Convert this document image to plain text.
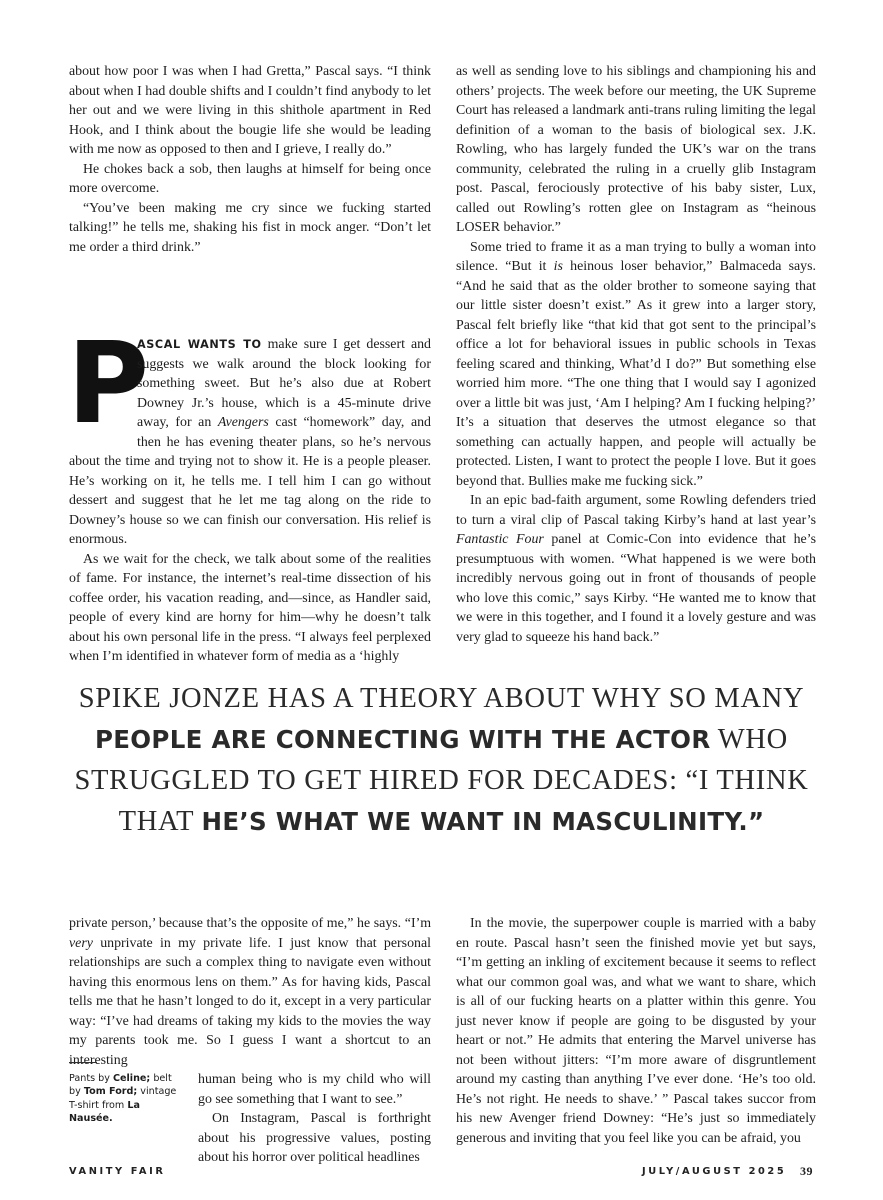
about how poor I was when I had Gretta,” Pascal says. “I think about when I had double shifts and I couldn’t find anybody to let her out and we were living in this shithole apartment in Red Hook, and I think about the bougie life she would be leading with me now as opposed to then and I grieve, I really do.”

He chokes back a sob, then laughs at himself for being once more overcome.

“You’ve been making me cry since we fucking started talking!” he tells me, shaking his fist in mock anger. “Don’t let me order a third drink.”

P
ASCAL WANTS TO make sure I get dessert and suggests we walk around the block looking for something sweet. But he’s also due at Robert Downey Jr.’s house, which is a 45-minute drive away, for an Avengers cast “homework” day, and then he has evening theater plans, so he’s nervous about the time and trying not to show it. He is a people pleaser. He’s working on it, he tells me. I tell him I can go without dessert and suggest that he let me tag along on the ride to Downey’s house so we can finish our conversation. His relief is enormous.

As we wait for the check, we talk about some of the realities of fame. For instance, the internet’s real-time dissection of his coffee order, his vacation reading, and—since, as Handler said, people of every kind are horny for him—why he doesn’t talk about his own personal life in the press. “I always feel perplexed when I’m identified in whatever form of media as a ‘highly

as well as sending love to his siblings and championing his and others’ projects. The week before our meeting, the UK Supreme Court has released a landmark anti-trans ruling limiting the legal definition of a woman to the basis of biological sex. J.K. Rowling, who has largely funded the UK’s war on the trans community, celebrated the ruling in a cruelly glib Instagram post. Pascal, ferociously protective of his baby sister, Lux, called out Rowling’s rotten glee on Instagram as “heinous LOSER behavior.”

Some tried to frame it as a man trying to bully a woman into silence. “But it is heinous loser behavior,” Balmaceda says. “And he said that as the older brother to someone saying that our little sister doesn’t exist.” As it grew into a larger story, Pascal felt briefly like “that kid that got sent to the principal’s office a lot for behavioral issues in public schools in Texas feeling scared and thinking, What’d I do?” But something else worried him more. “The one thing that I would say I agonized over a little bit was just, ‘Am I helping? Am I fucking helping?’ It’s a situation that deserves the utmost elegance so that something can actually happen, and people will actually be protected. Listen, I want to protect the people I love. But it goes beyond that. Bullies make me fucking sick.”

In an epic bad-faith argument, some Rowling defenders tried to turn a viral clip of Pascal taking Kirby’s hand at last year’s Fantastic Four panel at Comic-Con into evidence that he’s presumptuous with women. “What happened is we were both incredibly nervous going out in front of thousands of people who love this comic,” says Kirby. “He wanted me to know that we were in this together, and I found it a lovely gesture and was very glad to squeeze his hand back.”

SPIKE JONZE HAS A THEORY ABOUT WHY SO MANY
PEOPLE ARE CONNECTING WITH THE ACTOR WHO
STRUGGLED TO GET HIRED FOR DECADES: “I THINK
THAT HE’S WHAT WE WANT IN MASCULINITY.”

private person,’ because that’s the opposite of me,” he says. “I’m very unprivate in my private life. I just know that personal relationships are such a complex thing to navigate even without having this enormous lens on them.” As for having kids, Pascal tells me that he hasn’t longed to do it, except in a very particular way: “I’ve had dreams of taking my kids to the movies the way my parents took me. So I guess I want a shortcut to an interesting

human being who is my child who will go see something that I want to see.”

On Instagram, Pascal is forthright about his progressive values, posting about his horror over political headlines

Pants by Celine; belt by Tom Ford; vintage T-shirt from La Nausée.

In the movie, the superpower couple is married with a baby en route. Pascal hasn’t seen the finished movie yet but says, “I’m getting an inkling of excitement because it seems to reflect what our common goal was, and what we want to share, which is all of our fucking hearts on a platter within this genre. You just never know if people are going to be disgusted by your heart or not.” He admits that entering the Marvel universe has not been without jitters: “I’m more aware of disgruntlement around my casting than anything I’ve ever done. ‘He’s too old. He’s not right. He needs to shave.’ ” Pascal takes succor from his new Avenger friend Downey: “He’s just so immediately generous and inviting that you feel like you can be afraid, you

VANITY FAIR	JULY/AUGUST 2025 39
